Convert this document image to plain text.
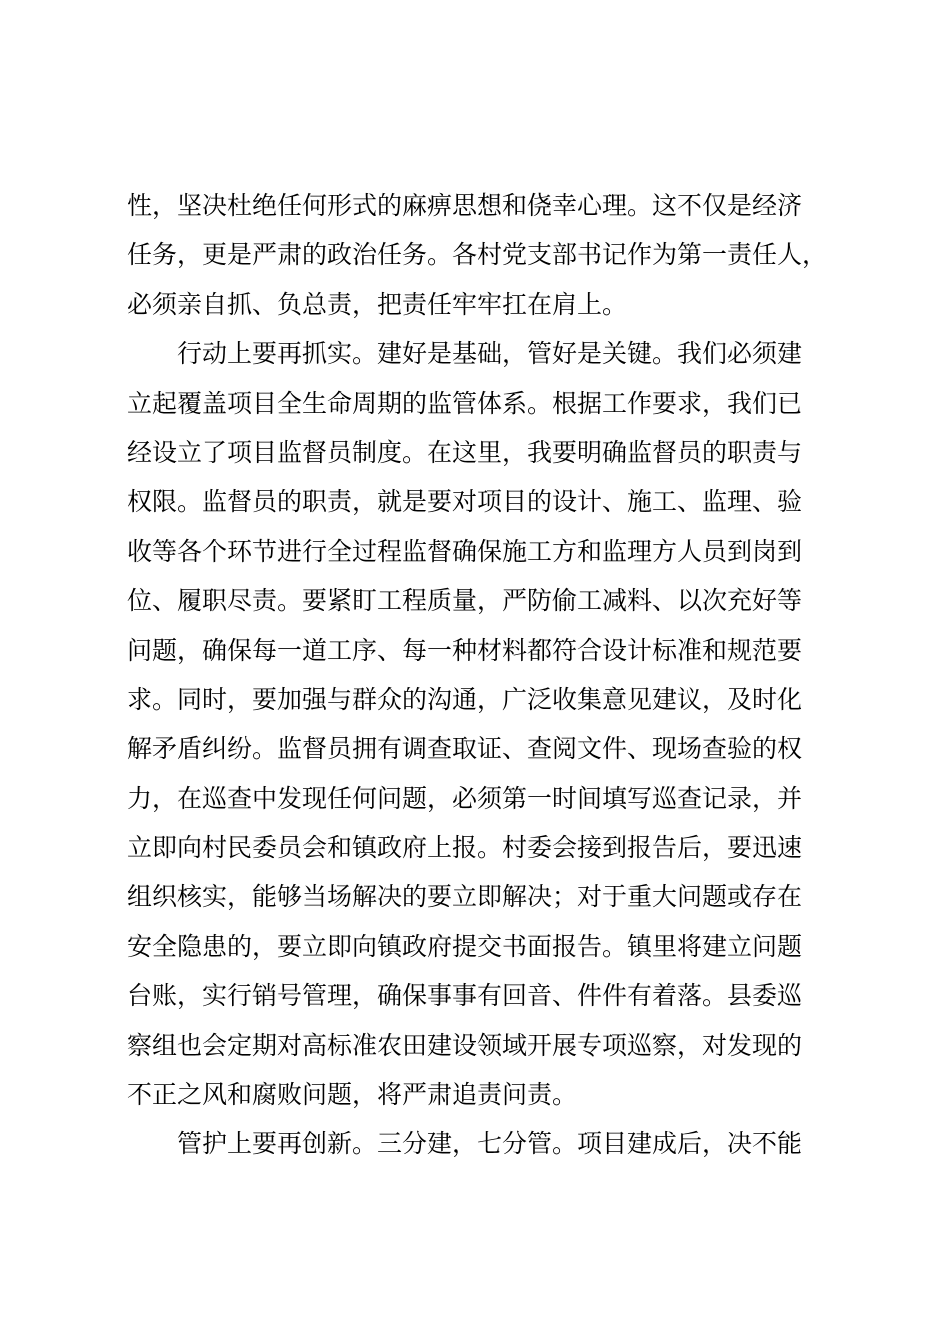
性，坚决杜绝任何形式的麻痹思想和侥幸心理。这不仅是经济
任务，更是严肃的政治任务。各村党支部书记作为第一责任人，
必须亲自抓、负总责，把责任牢牢扛在肩上。
　　行动上要再抓实。建好是基础，管好是关键。我们必须建
立起覆盖项目全生命周期的监管体系。根据工作要求，我们已
经设立了项目监督员制度。在这里，我要明确监督员的职责与
权限。监督员的职责，就是要对项目的设计、施工、监理、验
收等各个环节进行全过程监督确保施工方和监理方人员到岗到
位、履职尽责。要紧盯工程质量，严防偷工减料、以次充好等
问题，确保每一道工序、每一种材料都符合设计标准和规范要
求。同时，要加强与群众的沟通，广泛收集意见建议，及时化
解矛盾纠纷。监督员拥有调查取证、查阅文件、现场查验的权
力，在巡查中发现任何问题，必须第一时间填写巡查记录，并
立即向村民委员会和镇政府上报。村委会接到报告后，要迅速
组织核实，能够当场解决的要立即解决；对于重大问题或存在
安全隐患的，要立即向镇政府提交书面报告。镇里将建立问题
台账，实行销号管理，确保事事有回音、件件有着落。县委巡
察组也会定期对高标准农田建设领域开展专项巡察，对发现的
不正之风和腐败问题，将严肃追责问责。
　　管护上要再创新。三分建，七分管。项目建成后，决不能
